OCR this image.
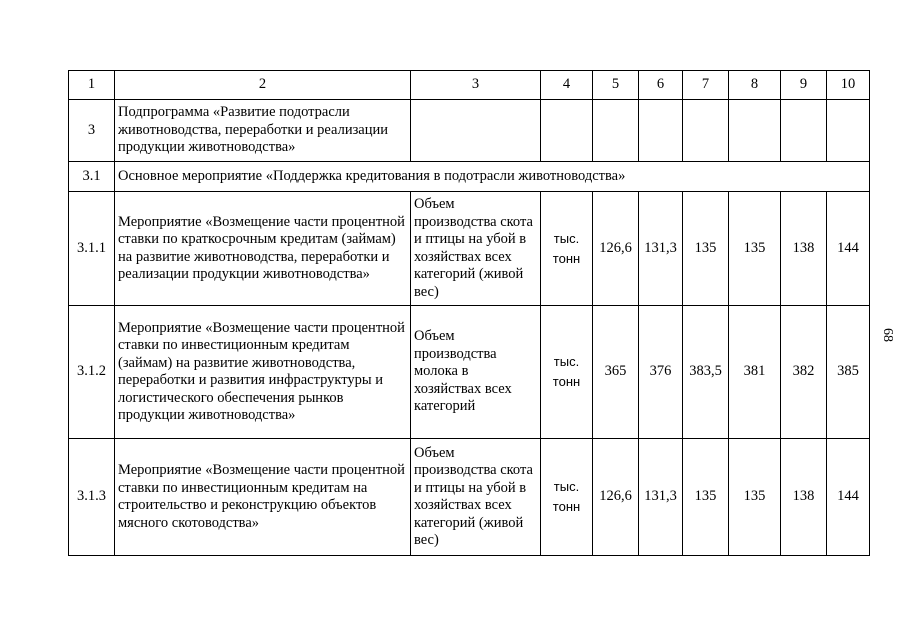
1	2	3	4	5	6	7	8	9	10
3	Подпрограмма «Развитие подотрасли животноводства, переработки и реализации продукции животноводства»								
3.1	Основное мероприятие «Поддержка кредитования в подотрасли животноводства»								
3.1.1	Мероприятие «Возмещение части процентной ставки по краткосрочным кредитам (займам) на развитие животноводства, переработки и реализации продукции животноводства»	Объем производства скота и птицы на убой в хозяйствах всех категорий (живой вес)	тыс. тонн	126,6	131,3	135	135	138	144
3.1.2	Мероприятие «Возмещение части процентной ставки по инвестиционным кредитам (займам) на развитие животноводства, переработки и развития инфраструктуры и логистического обеспечения рынков продукции животноводства»	Объем производства молока в хозяйствах всех категорий	тыс. тонн	365	376	383,5	381	382	385
3.1.3	Мероприятие «Возмещение части процентной ставки по инвестиционным кредитам на строительство и реконструкцию объектов мясного скотоводства»	Объем производства скота и птицы на убой в хозяйствах всех категорий (живой вес)	тыс. тонн	126,6	131,3	135	135	138	144
68
